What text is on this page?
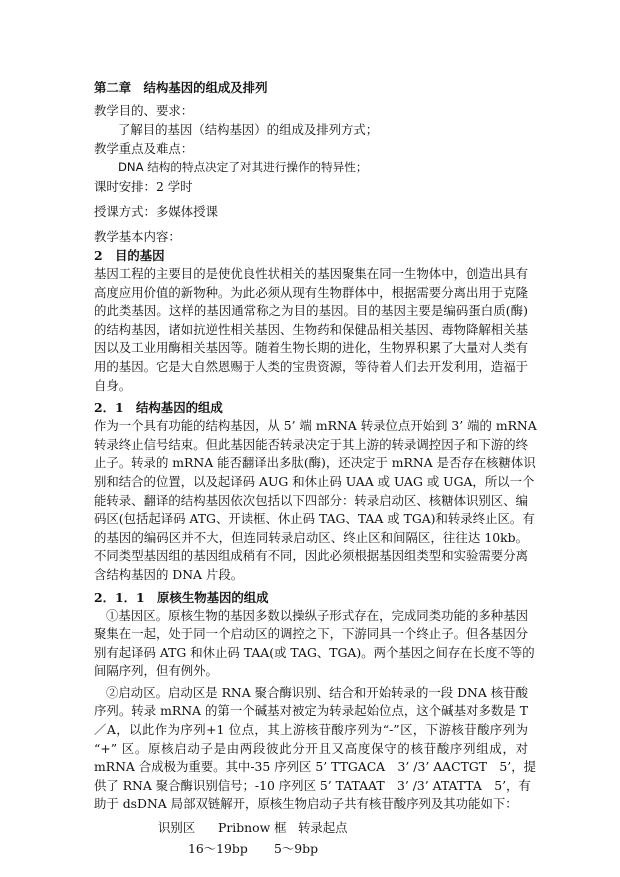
第二章　结构基因的组成及排列
教学目的、要求：
了解目的基因（结构基因）的组成及排列方式；
教学重点及难点：
DNA 结构的特点决定了对其进行操作的特异性；
课时安排：2 学时
授课方式：多媒体授课
教学基本内容：
2　目的基因
基因工程的主要目的是使优良性状相关的基因聚集在同一生物体中，创造出具有
高度应用价值的新物种。为此必须从现有生物群体中，根据需要分离出用于克隆
的此类基因。这样的基因通常称之为目的基因。目的基因主要是编码蛋白质(酶)
的结构基因，诸如抗逆性相关基因、生物药和保健品相关基因、毒物降解相关基
因以及工业用酶相关基因等。随着生物长期的进化，生物界积累了大量对人类有
用的基因。它是大自然恩赐于人类的宝贵资源，等待着人们去开发利用，造福于
自身。
2．1　结构基因的组成
作为一个具有功能的结构基因，从 5’ 端 mRNA 转录位点开始到 3’ 端的 mRNA
转录终止信号结束。但此基因能否转录决定于其上游的转录调控因子和下游的终
止子。转录的 mRNA 能否翻译出多肽(酶)，还决定于 mRNA 是否存在核糖体识
别和结合的位置，以及起译码 AUG 和休止码 UAA 或 UAG 或 UGA，所以一个
能转录、翻译的结构基因依次包括以下四部分：转录启动区、核糖体识别区、编
码区(包括起译码 ATG、开读框、休止码 TAG、TAA 或 TGA)和转录终止区。有
的基因的编码区并不大，但连同转录启动区、终止区和间隔区，往往达 10kb。
不同类型基因组的基因组成稍有不同，因此必须根据基因组类型和实验需要分离
含结构基因的 DNA 片段。
2．1．1　原核生物基因的组成
①基因区。原核生物的基因多数以操纵子形式存在，完成同类功能的多种基因
聚集在一起，处于同一个启动区的调控之下，下游同具一个终止子。但各基因分
别有起译码 ATG 和休止码 TAA(或 TAG、TGA)。两个基因之间存在长度不等的
间隔序列，但有例外。
②启动区。启动区是 RNA 聚合酶识别、结合和开始转录的一段 DNA 核苷酸
序列。转录 mRNA 的第一个碱基对被定为转录起始位点，这个碱基对多数是 T
／A，以此作为序列+1 位点，其上游核苷酸序列为“-”区，下游核苷酸序列为
“+” 区。原核启动子是由两段彼此分开且又高度保守的核苷酸序列组成，对
mRNA 合成极为重要。其中-35 序列区 5’ TTGACA　3’ /3’ AACTGT　5’，提
供了 RNA 聚合酶识别信号；-10 序列区 5’ TATAAT　3’ /3’ ATATTA　5’，有
助于 dsDNA 局部双链解开，原核生物启动子共有核苷酸序列及其功能如下：
识别区	Pribnow 框 转录起点
16～19bp	5～9bp
